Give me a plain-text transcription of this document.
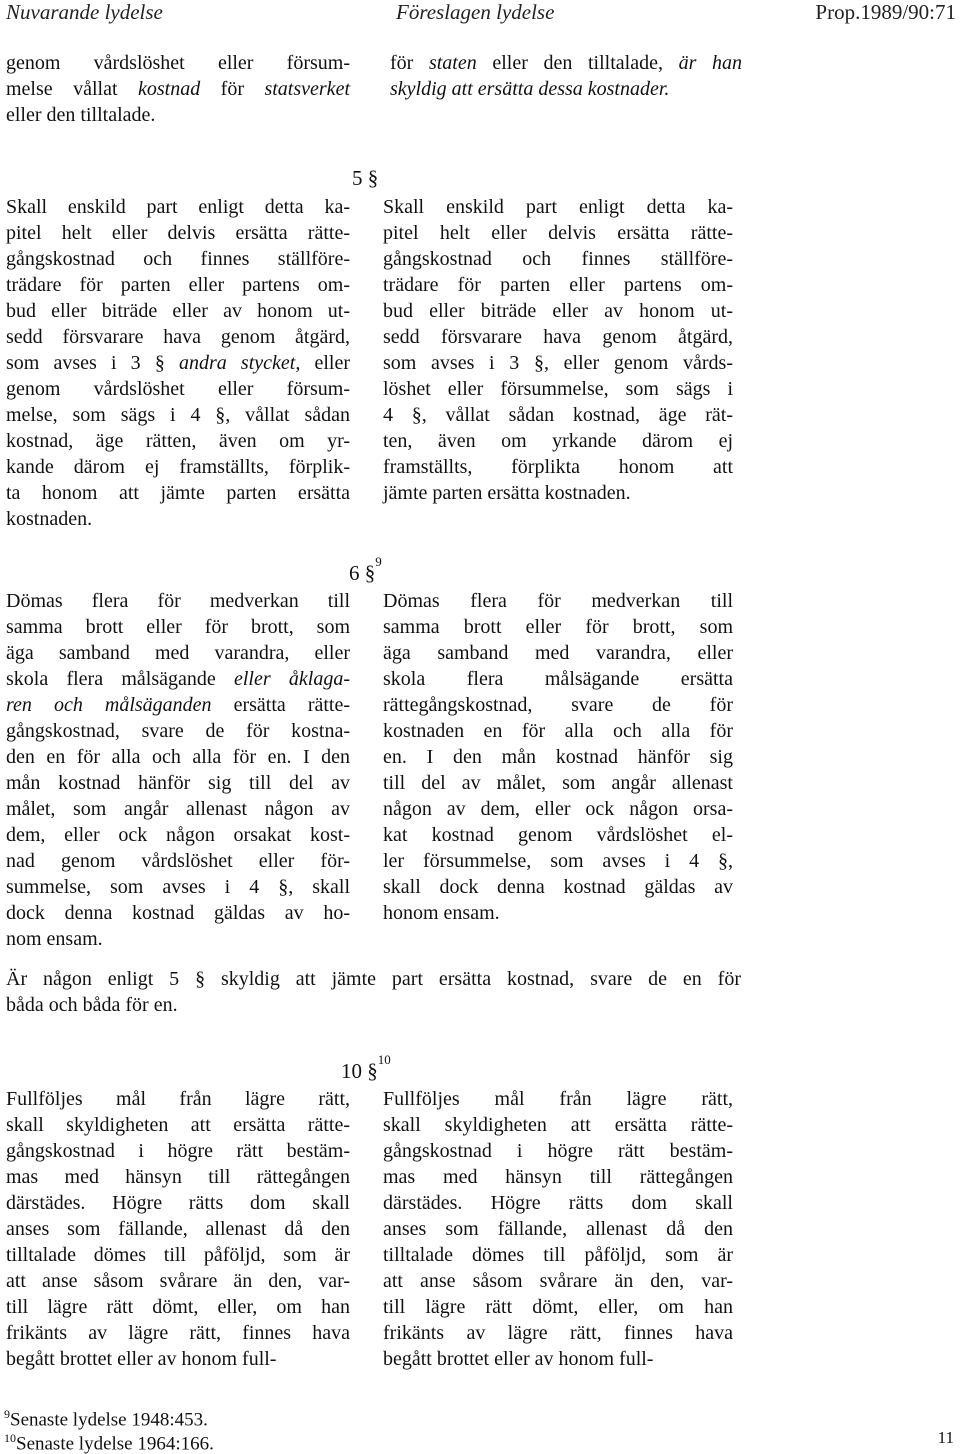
Nuvarande lydelse	Föreslagen lydelse	Prop.1989/90:71
genom vårdslöshet eller försum-
melse vållat kostnad för statsverket
eller den tilltalade.
för staten eller den tilltalade, är han
skyldig att ersätta dessa kostnader.
5 §
Skall enskild part enligt detta ka-
pitel helt eller delvis ersätta rätte-
gångskostnad och finnes ställföre-
trädare för parten eller partens om-
bud eller biträde eller av honom ut-
sedd försvarare hava genom åtgärd,
som avses i 3 § andra stycket, eller
genom vårdslöshet eller försum-
melse, som sägs i 4 §, vållat sådan
kostnad, äge rätten, även om yr-
kande därom ej framställts, förplik-
ta honom att jämte parten ersätta
kostnaden.
Skall enskild part enligt detta ka-
pitel helt eller delvis ersätta rätte-
gångskostnad och finnes ställföre-
trädare för parten eller partens om-
bud eller biträde eller av honom ut-
sedd försvarare hava genom åtgärd,
som avses i 3 §, eller genom vårds-
löshet eller försummelse, som sägs i
4 §, vållat sådan kostnad, äge rät-
ten, även om yrkande därom ej
framställts, förplikta honom att
jämte parten ersätta kostnaden.
6 §$^9$
Dömas flera för medverkan till
samma brott eller för brott, som
äga samband med varandra, eller
skola flera målsägande eller åklaga-
ren och målsäganden ersätta rätte-
gångskostnad, svare de för kostna-
den en för alla och alla för en. I den
mån kostnad hänför sig till del av
målet, som angår allenast någon av
dem, eller ock någon orsakat kost-
nad genom vårdslöshet eller för-
summelse, som avses i 4 §, skall
dock denna kostnad gäldas av ho-
nom ensam.
Dömas flera för medverkan till
samma brott eller för brott, som
äga samband med varandra, eller
skola flera målsägande ersätta
rättegångskostnad, svare de för
kostnaden en för alla och alla för
en. I den mån kostnad hänför sig
till del av målet, som angår allenast
någon av dem, eller ock någon orsa-
kat kostnad genom vårdslöshet el-
ler försummelse, som avses i 4 §,
skall dock denna kostnad gäldas av
honom ensam.
Är någon enligt 5 § skyldig att jämte part ersätta kostnad, svare de en för
båda och båda för en.
10 §$^{10}$
Fullföljes mål från lägre rätt,
skall skyldigheten att ersätta rätte-
gångskostnad i högre rätt bestäm-
mas med hänsyn till rättegången
därstädes. Högre rätts dom skall
anses som fällande, allenast då den
tilltalade dömes till påföljd, som är
att anse såsom svårare än den, var-
till lägre rätt dömt, eller, om han
frikänts av lägre rätt, finnes hava
begått brottet eller av honom full-
Fullföljes mål från lägre rätt,
skall skyldigheten att ersätta rätte-
gångskostnad i högre rätt bestäm-
mas med hänsyn till rättegången
därstädes. Högre rätts dom skall
anses som fällande, allenast då den
tilltalade dömes till påföljd, som är
att anse såsom svårare än den, var-
till lägre rätt dömt, eller, om han
frikänts av lägre rätt, finnes hava
begått brottet eller av honom full-
$^9$Senaste lydelse 1948:453.
$^{10}$Senaste lydelse 1964:166.	11
